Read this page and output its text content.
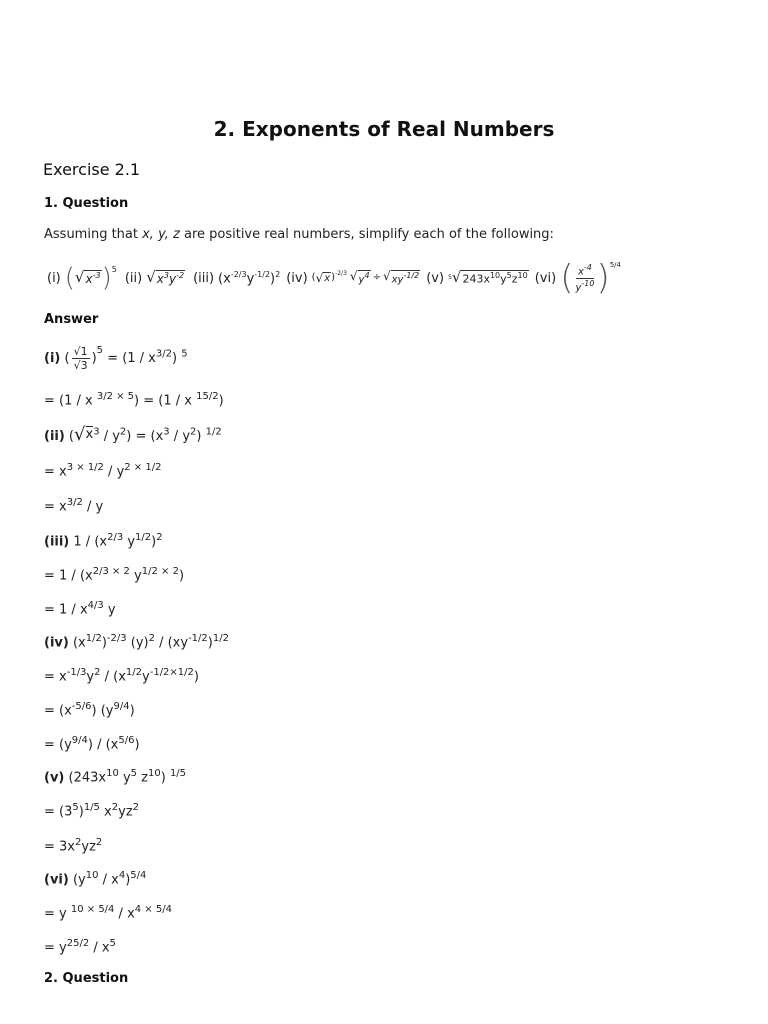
2. Exponents of Real Numbers
Exercise 2.1
1. Question
Assuming that x, y, z are positive real numbers, simplify each of the following:
(i) ( √ $x^{-3}$ )$^5$
(ii) √ $x^3y^{-2}$ (iii) $(x^{-2/3}y^{-1/2})^2$ (iv) ( √ x )$^{-2/3}$ √ $y^4$ ÷ √ $xy^{-1/2}$ (v) 5 √ $243x^{10}y^5z^{10}$ (vi) ( $\frac{x^{-4}}{y^{-10}} )^{5/4}$
Answer
(i) ( $\frac{√1}{√3}$ )
$^5$
= $(1 / x^{3/2})$ $^5$
= (1 / x $^{3/2 \times 5}$) = (1 / x $^{15/2}$)
(ii) ( √ x $^3 / y^2) = (x^3 / y^2)$ $^{1/2}$
= $x^{3 \times 1/2} / y^{2 \times 1/2}$
= $x^{3/2}$ / y
(iii) $1 / (x^{2/3}$ $y^{1/2})^2$
= $1 / (x^{2/3 \times 2}$ $y^{1/2 \times 2}$)
= $1 / x^{4/3}$ y
(iv) $(x^{1/2})^{-2/3}$ $(y)^2 / (xy^{-1/2})^{1/2}$
= $x^{-1/3}y^2 / (x^{1/2}y^{-1/2\times 1/2})$
= $(x^{-5/6})$ $(y^{9/4})$
= $(y^{9/4}) / (x^{5/6})$
(v) ($243x^{10}$ $y^5$ $z^{10}$) $^{1/5}$
= $(3^5)^{1/5}$ $x^2yz^2$
= $3x^2yz^2$
(vi) $(y^{10} / x^4)^{5/4}$
= y $^{10 \times 5/4} / x^{4 \times 5/4}$
= $y^{25/2} / x^5$
2. Question
